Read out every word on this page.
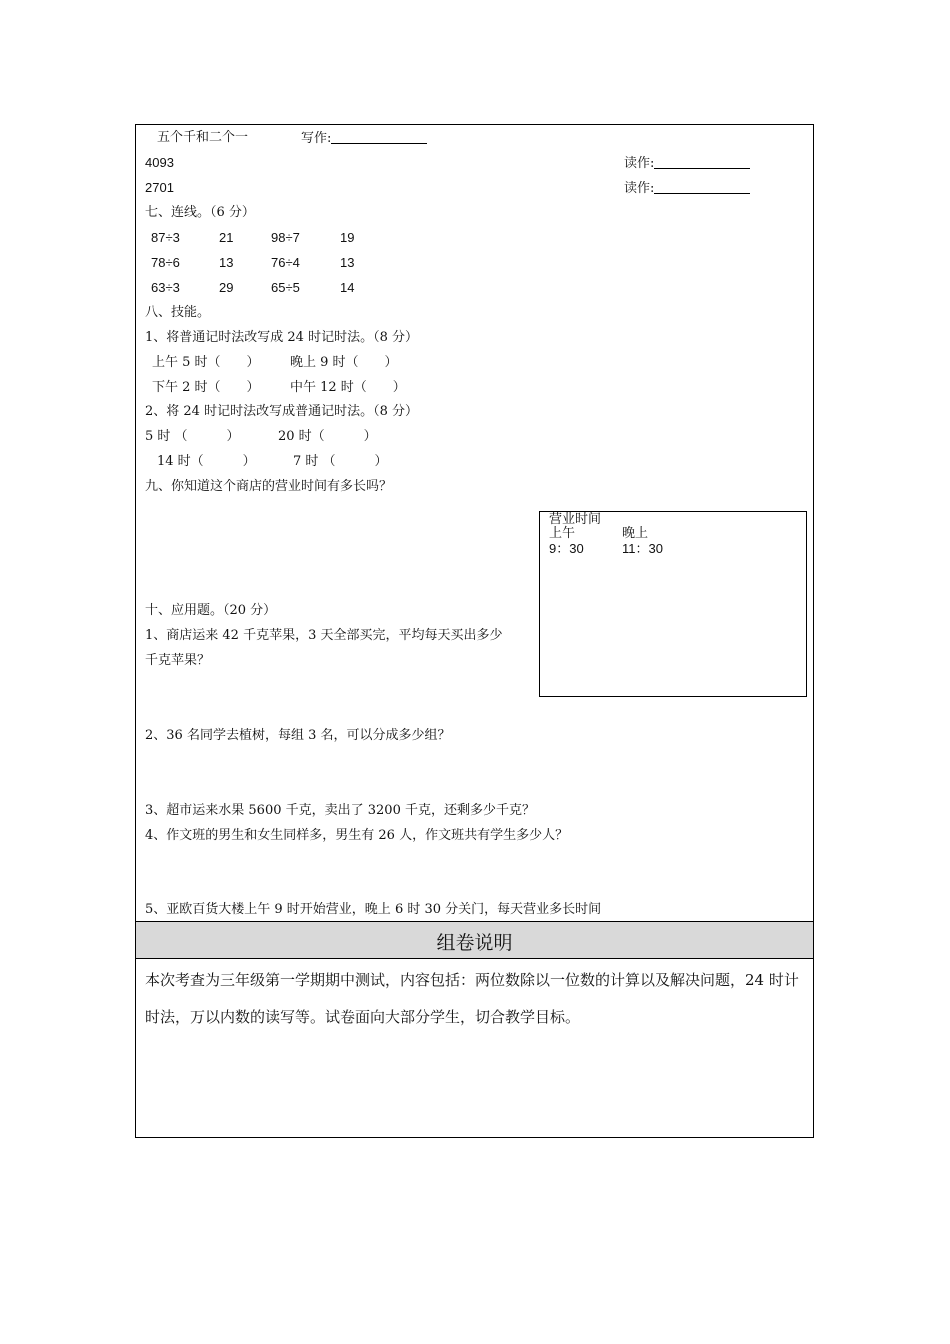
五个千和二个一	写作:
4093	读作:
2701	读作:
七、连线。（6 分）
87÷3	21	98÷7	19
78÷6	13	76÷4	13
63÷3	29	65÷5	14
八、技能。
1、将普通记时法改写成 24 时记时法。（8 分）
上午 5 时（　　） 晚上 9 时（　　）
下午 2 时（　　） 中午 12 时（　　）
2、将 24 时记时法改写成普通记时法。（8 分）
5 时 （　　　）	20 时（　　　）
14 时（　　　）	7 时 （　　　）
九、你知道这个商店的营业时间有多长吗？
营业时间
上午	晚上
9：30	11：30
十、应用题。（20 分）
1、商店运来 42 千克苹果，3 天全部买完，平均每天买出多少
千克苹果？
2、36 名同学去植树，每组 3 名，可以分成多少组？
3、超市运来水果 5600 千克，卖出了 3200 千克，还剩多少千克？
4、作文班的男生和女生同样多，男生有 26 人，作文班共有学生多少人？
5、亚欧百货大楼上午 9 时开始营业，晚上 6 时 30 分关门，每天营业多长时间
组卷说明
本次考查为三年级第一学期期中测试，内容包括：两位数除以一位数的计算以及解决问题，24 时计时法，万以内数的读写等。试卷面向大部分学生，切合教学目标。
